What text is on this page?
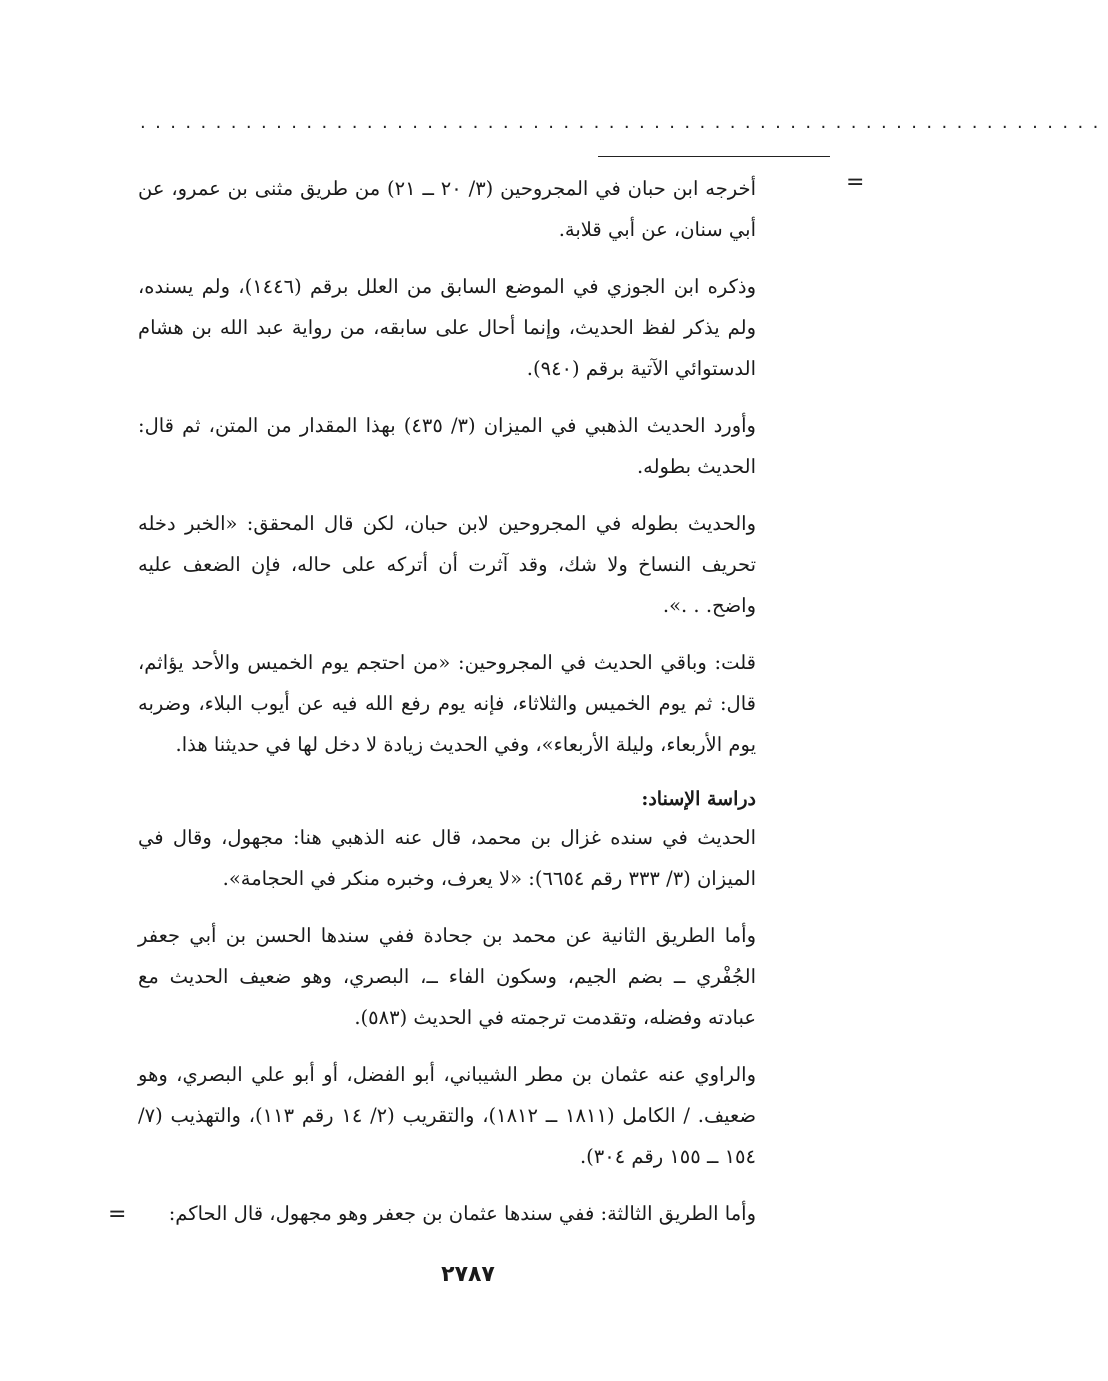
................................................................
=

أخرجه ابن حبان في المجروحين (٣/ ٢٠ ــ ٢١) من طريق مثنى بن عمرو، عن أبي سنان، عن أبي قلابة.

وذكره ابن الجوزي في الموضع السابق من العلل برقم (١٤٤٦)، ولم يسنده، ولم يذكر لفظ الحديث، وإنما أحال على سابقه، من رواية عبد الله بن هشام الدستوائي الآتية برقم (٩٤٠).

وأورد الحديث الذهبي في الميزان (٣/ ٤٣٥) بهذا المقدار من المتن، ثم قال: الحديث بطوله.

والحديث بطوله في المجروحين لابن حبان، لكن قال المحقق: «الخبر دخله تحريف النساخ ولا شك، وقد آثرت أن أتركه على حاله، فإن الضعف عليه واضح. . .».

قلت: وباقي الحديث في المجروحين: «من احتجم يوم الخميس والأحد يؤاثم، قال: ثم يوم الخميس والثلاثاء، فإنه يوم رفع الله فيه عن أيوب البلاء، وضربه يوم الأربعاء، وليلة الأربعاء»، وفي الحديث زيادة لا دخل لها في حديثنا هذا.

دراسة الإسناد:

الحديث في سنده غزال بن محمد، قال عنه الذهبي هنا: مجهول، وقال في الميزان (٣/ ٣٣٣ رقم ٦٦٥٤): «لا يعرف، وخبره منكر في الحجامة».

وأما الطريق الثانية عن محمد بن جحادة ففي سندها الحسن بن أبي جعفر الجُفْري ــ بضم الجيم، وسكون الفاء ــ، البصري، وهو ضعيف الحديث مع عبادته وفضله، وتقدمت ترجمته في الحديث (٥٨٣).

والراوي عنه عثمان بن مطر الشيباني، أبو الفضل، أو أبو علي البصري، وهو ضعيف. / الكامل (١٨١١ ــ ١٨١٢)، والتقريب (٢/ ١٤ رقم ١١٣)، والتهذيب (٧/ ١٥٤ ــ ١٥٥ رقم ٣٠٤).

وأما الطريق الثالثة: ففي سندها عثمان بن جعفر وهو مجهول، قال الحاكم:

=
٢٧٨٧
